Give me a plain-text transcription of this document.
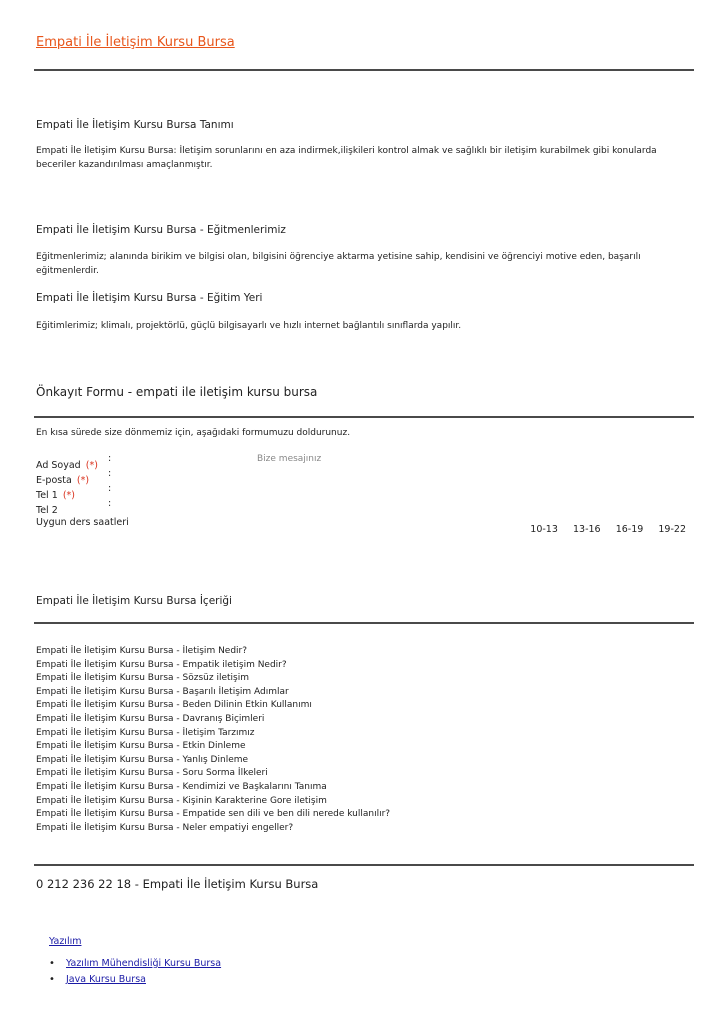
Empati İle İletişim Kursu Bursa
Empati İle İletişim Kursu Bursa Tanımı
Empati İle İletişim Kursu Bursa: İletişim sorunlarını en aza indirmek,ilişkileri kontrol almak ve sağlıklı bir iletişim kurabilmek gibi konularda
beceriler kazandırılması amaçlanmıştır.
Empati İle İletişim Kursu Bursa - Eğitmenlerimiz
Eğitmenlerimiz; alanında birikim ve bilgisi olan, bilgisini öğrenciye aktarma yetisine sahip, kendisini ve öğrenciyi motive eden, başarılı
eğitmenlerdir.
Empati İle İletişim Kursu Bursa - Eğitim Yeri
Eğitimlerimiz; klimalı, projektörlü, güçlü bilgisayarlı ve hızlı internet bağlantılı sınıflarda yapılır.
Önkayıt Formu - empati ile iletişim kursu bursa
En kısa sürede size dönmemiz için, aşağıdaki formumuzu doldurunuz.
Ad Soyad (*)
:
E-posta (*)
:
Tel 1 (*)
:
Tel 2
:
Bize mesajınız
Uygun ders saatleri
10-13 13-16 16-19 19-22
Empati İle İletişim Kursu Bursa İçeriği
Empati İle İletişim Kursu Bursa - İletişim Nedir?
Empati İle İletişim Kursu Bursa - Empatik iletişim Nedir?
Empati İle İletişim Kursu Bursa - Sözsüz iletişim
Empati İle İletişim Kursu Bursa - Başarılı İletişim Adımlar
Empati İle İletişim Kursu Bursa - Beden Dilinin Etkin Kullanımı
Empati İle İletişim Kursu Bursa - Davranış Biçimleri
Empati İle İletişim Kursu Bursa - İletişim Tarzımız
Empati İle İletişim Kursu Bursa - Etkin Dinleme
Empati İle İletişim Kursu Bursa - Yanlış Dinleme
Empati İle İletişim Kursu Bursa - Soru Sorma İlkeleri
Empati İle İletişim Kursu Bursa - Kendimizi ve Başkalarını Tanıma
Empati İle İletişim Kursu Bursa - Kişinin Karakterine Gore iletişim
Empati İle İletişim Kursu Bursa - Empatide sen dili ve ben dili nerede kullanılır?
Empati İle İletişim Kursu Bursa - Neler empatiyi engeller?
0 212 236 22 18 - Empati İle İletişim Kursu Bursa
Yazılım
• Yazılım Mühendisliği Kursu Bursa
• Java Kursu Bursa
